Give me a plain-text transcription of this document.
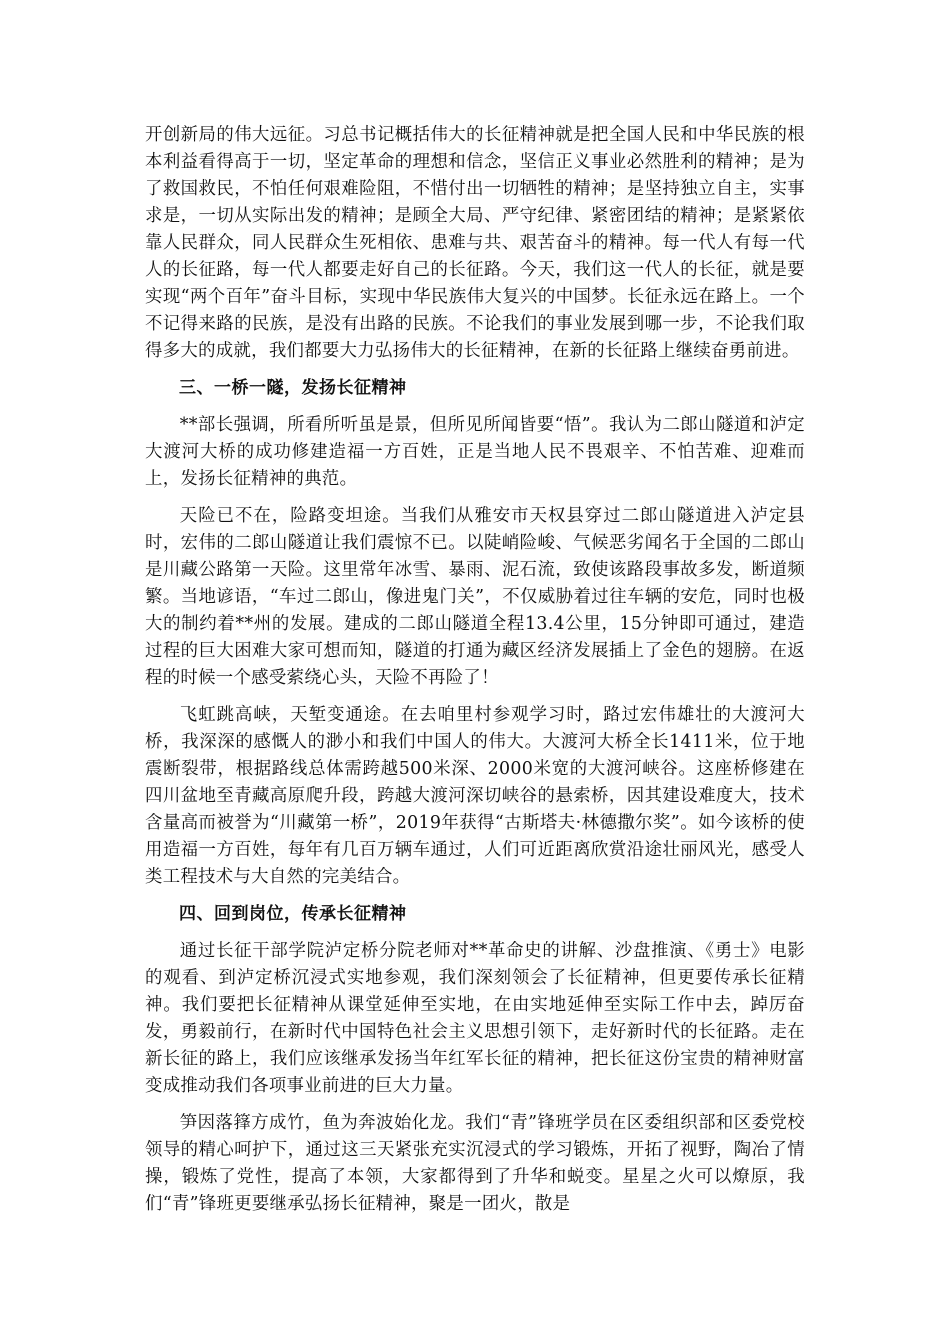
开创新局的伟大远征。习总书记概括伟大的长征精神就是把全国人民和中华民族的根本利益看得高于一切，坚定革命的理想和信念，坚信正义事业必然胜利的精神；是为了救国救民，不怕任何艰难险阻，不惜付出一切牺牲的精神；是坚持独立自主，实事求是，一切从实际出发的精神；是顾全大局、严守纪律、紧密团结的精神；是紧紧依靠人民群众，同人民群众生死相依、患难与共、艰苦奋斗的精神。每一代人有每一代人的长征路，每一代人都要走好自己的长征路。今天，我们这一代人的长征，就是要实现“两个百年”奋斗目标，实现中华民族伟大复兴的中国梦。长征永远在路上。一个不记得来路的民族，是没有出路的民族。不论我们的事业发展到哪一步，不论我们取得多大的成就，我们都要大力弘扬伟大的长征精神，在新的长征路上继续奋勇前进。

三、一桥一隧，发扬长征精神

**部长强调，所看所听虽是景，但所见所闻皆要“悟”。我认为二郎山隧道和泸定大渡河大桥的成功修建造福一方百姓，正是当地人民不畏艰辛、不怕苦难、迎难而上，发扬长征精神的典范。

天险已不在，险路变坦途。当我们从雅安市天权县穿过二郎山隧道进入泸定县时，宏伟的二郎山隧道让我们震惊不已。以陡峭险峻、气候恶劣闻名于全国的二郎山是川藏公路第一天险。这里常年冰雪、暴雨、泥石流，致使该路段事故多发，断道频繁。当地谚语，“车过二郎山，像进鬼门关”，不仅威胁着过往车辆的安危，同时也极大的制约着**州的发展。建成的二郎山隧道全程13.4公里，15分钟即可通过，建造过程的巨大困难大家可想而知，隧道的打通为藏区经济发展插上了金色的翅膀。在返程的时候一个感受萦绕心头，天险不再险了！

飞虹跳高峡，天堑变通途。在去咱里村参观学习时，路过宏伟雄壮的大渡河大桥，我深深的感慨人的渺小和我们中国人的伟大。大渡河大桥全长1411米，位于地震断裂带，根据路线总体需跨越500米深、2000米宽的大渡河峡谷。这座桥修建在四川盆地至青藏高原爬升段，跨越大渡河深切峡谷的悬索桥，因其建设难度大，技术含量高而被誉为“川藏第一桥”，2019年获得“古斯塔夫·林德撒尔奖”。如今该桥的使用造福一方百姓，每年有几百万辆车通过，人们可近距离欣赏沿途壮丽风光，感受人类工程技术与大自然的完美结合。

四、回到岗位，传承长征精神

通过长征干部学院泸定桥分院老师对**革命史的讲解、沙盘推演、《勇士》电影的观看、到泸定桥沉浸式实地参观，我们深刻领会了长征精神，但更要传承长征精神。我们要把长征精神从课堂延伸至实地，在由实地延伸至实际工作中去，踔厉奋发，勇毅前行，在新时代中国特色社会主义思想引领下，走好新时代的长征路。走在新长征的路上，我们应该继承发扬当年红军长征的精神，把长征这份宝贵的精神财富变成推动我们各项事业前进的巨大力量。

笋因落箨方成竹，鱼为奔波始化龙。我们“青”锋班学员在区委组织部和区委党校领导的精心呵护下，通过这三天紧张充实沉浸式的学习锻炼，开拓了视野，陶冶了情操，锻炼了党性，提高了本领，大家都得到了升华和蜕变。星星之火可以燎原，我们“青”锋班更要继承弘扬长征精神，聚是一团火，散是
